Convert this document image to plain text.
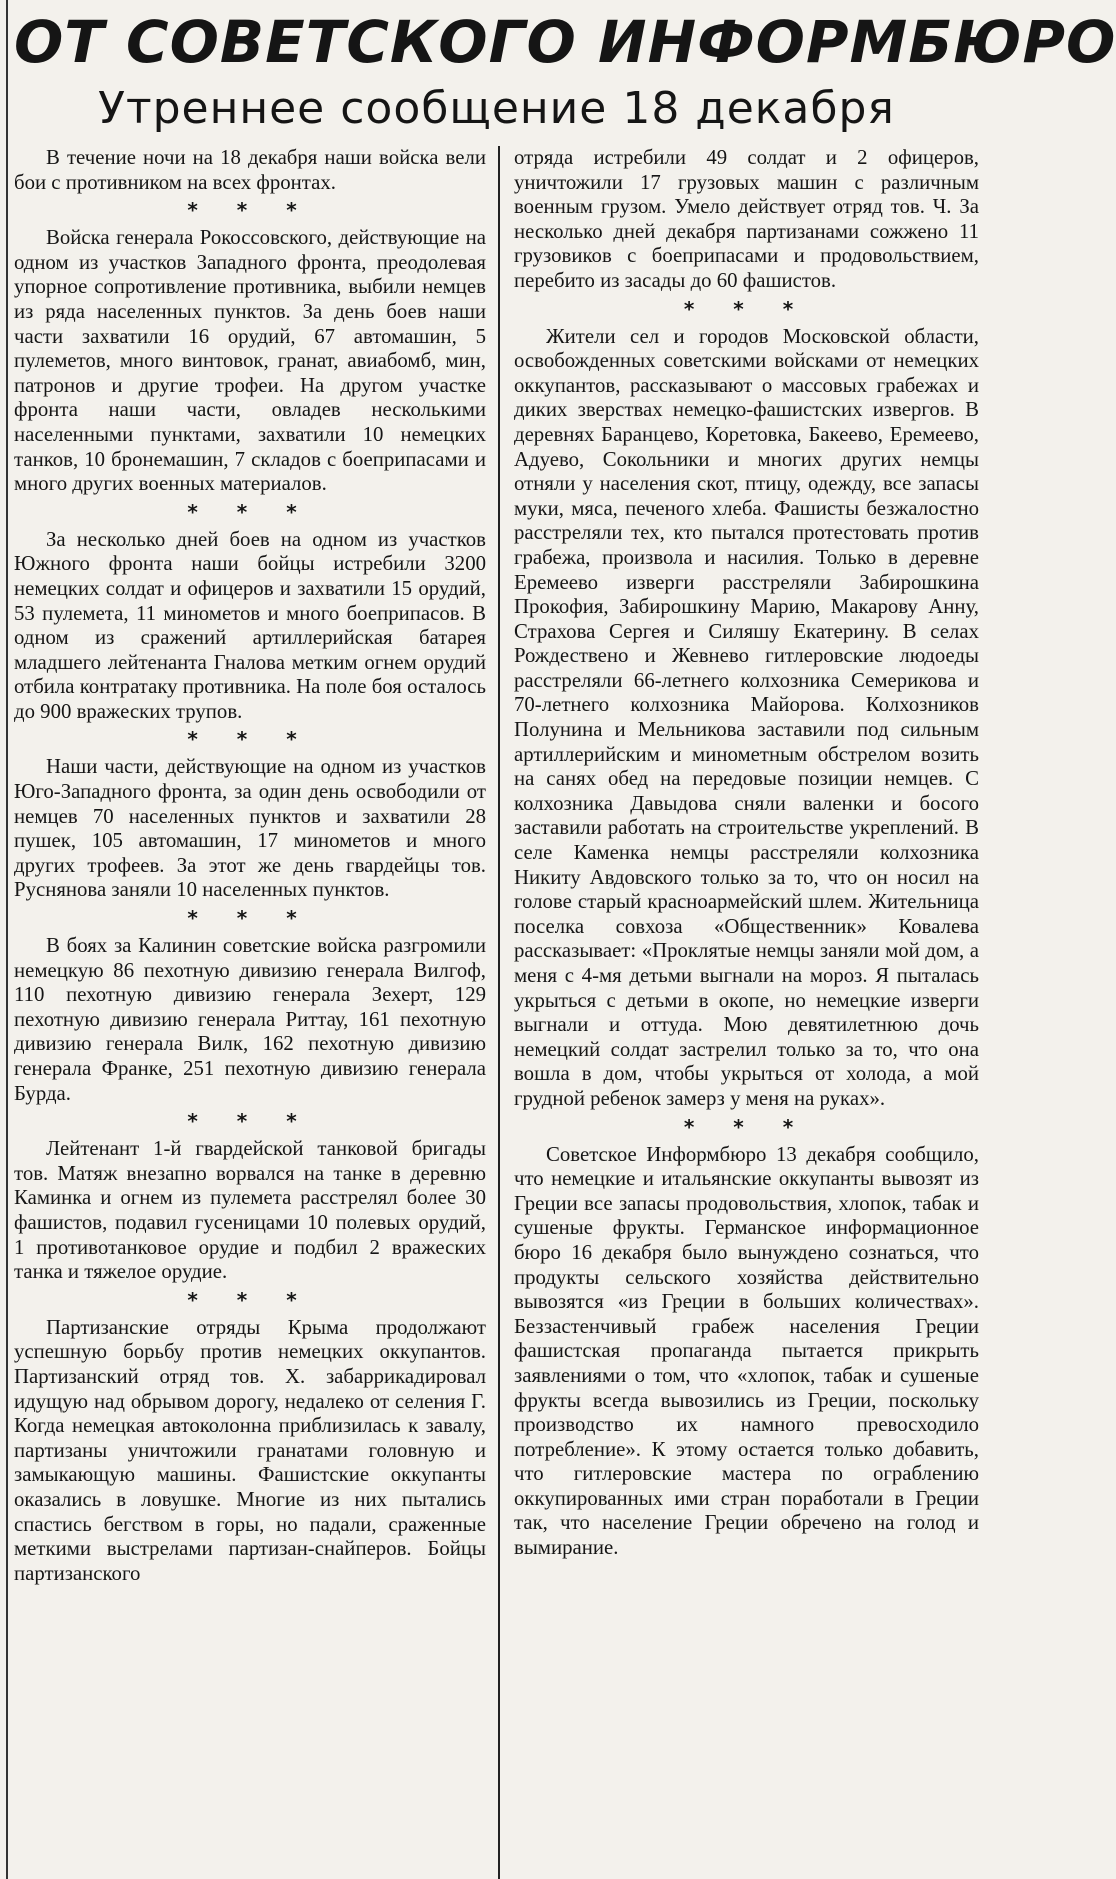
ОТ СОВЕТСКОГО ИНФОРМБЮРО
Утреннее сообщение 18 декабря

В течение ночи на 18 декабря наши войска вели бои с противником на всех фронтах.

* * *

Войска генерала Рокоссовского, действующие на одном из участков Западного фронта, преодолевая упорное сопротивление противника, выбили немцев из ряда населенных пунктов. За день боев наши части захватили 16 орудий, 67 автомашин, 5 пулеметов, много винтовок, гранат, авиабомб, мин, патронов и другие трофеи. На другом участке фронта наши части, овладев несколькими населенными пунктами, захватили 10 немецких танков, 10 бронемашин, 7 складов с боеприпасами и много других военных материалов.

* * *

За несколько дней боев на одном из участков Южного фронта наши бойцы истребили 3200 немецких солдат и офицеров и захватили 15 орудий, 53 пулемета, 11 минометов и много боеприпасов. В одном из сражений артиллерийская батарея младшего лейтенанта Гналова метким огнем орудий отбила контратаку противника. На поле боя осталось до 900 вражеских трупов.

* * *

Наши части, действующие на одном из участков Юго-Западного фронта, за один день освободили от немцев 70 населенных пунктов и захватили 28 пушек, 105 автомашин, 17 минометов и много других трофеев. За этот же день гвардейцы тов. Руснянова заняли 10 населенных пунктов.

* * *

В боях за Калинин советские войска разгромили немецкую 86 пехотную дивизию генерала Вилгоф, 110 пехотную дивизию генерала Зехерт, 129 пехотную дивизию генерала Риттау, 161 пехотную дивизию генерала Вилк, 162 пехотную дивизию генерала Франке, 251 пехотную дивизию генерала Бурда.

* * *

Лейтенант 1-й гвардейской танковой бригады тов. Матяж внезапно ворвался на танке в деревню Каминка и огнем из пулемета расстрелял более 30 фашистов, подавил гусеницами 10 полевых орудий, 1 противотанковое орудие и подбил 2 вражеских танка и тяжелое орудие.

* * *

Партизанские отряды Крыма продолжают успешную борьбу против немецких оккупантов. Партизанский отряд тов. Х. забаррикадировал идущую над обрывом дорогу, недалеко от селения Г. Когда немецкая автоколонна приблизилась к завалу, партизаны уничтожили гранатами головную и замыкающую машины. Фашистские оккупанты оказались в ловушке. Многие из них пытались спастись бегством в горы, но падали, сраженные меткими выстрелами партизан-снайперов. Бойцы партизанского

отряда истребили 49 солдат и 2 офицеров, уничтожили 17 грузовых машин с различным военным грузом. Умело действует отряд тов. Ч. За несколько дней декабря партизанами сожжено 11 грузовиков с боеприпасами и продовольствием, перебито из засады до 60 фашистов.

* * *

Жители сел и городов Московской области, освобожденных советскими войсками от немецких оккупантов, рассказывают о массовых грабежах и диких зверствах немецко-фашистских извергов. В деревнях Баранцево, Коретовка, Бакеево, Еремеево, Адуево, Сокольники и многих других немцы отняли у населения скот, птицу, одежду, все запасы муки, мяса, печеного хлеба. Фашисты безжалостно расстреляли тех, кто пытался протестовать против грабежа, произвола и насилия. Только в деревне Еремеево изверги расстреляли Забирошкина Прокофия, Забирошкину Марию, Макарову Анну, Страхова Сергея и Силяшу Екатерину. В селах Рождествено и Жевнево гитлеровские людоеды расстреляли 66-летнего колхозника Семерикова и 70-летнего колхозника Майорова. Колхозников Полунина и Мельникова заставили под сильным артиллерийским и минометным обстрелом возить на санях обед на передовые позиции немцев. С колхозника Давыдова сняли валенки и босого заставили работать на строительстве укреплений. В селе Каменка немцы расстреляли колхозника Никиту Авдовского только за то, что он носил на голове старый красноармейский шлем. Жительница поселка совхоза «Общественник» Ковалева рассказывает: «Проклятые немцы заняли мой дом, а меня с 4-мя детьми выгнали на мороз. Я пыталась укрыться с детьми в окопе, но немецкие изверги выгнали и оттуда. Мою девятилетнюю дочь немецкий солдат застрелил только за то, что она вошла в дом, чтобы укрыться от холода, а мой грудной ребенок замерз у меня на руках».

* * *

Советское Информбюро 13 декабря сообщило, что немецкие и итальянские оккупанты вывозят из Греции все запасы продовольствия, хлопок, табак и сушеные фрукты. Германское информационное бюро 16 декабря было вынуждено сознаться, что продукты сельского хозяйства действительно вывозятся «из Греции в больших количествах». Беззастенчивый грабеж населения Греции фашистская пропаганда пытается прикрыть заявлениями о том, что «хлопок, табак и сушеные фрукты всегда вывозились из Греции, поскольку производство их намного превосходило потребление». К этому остается только добавить, что гитлеровские мастера по ограблению оккупированных ими стран поработали в Греции так, что население Греции обречено на голод и вымирание.
